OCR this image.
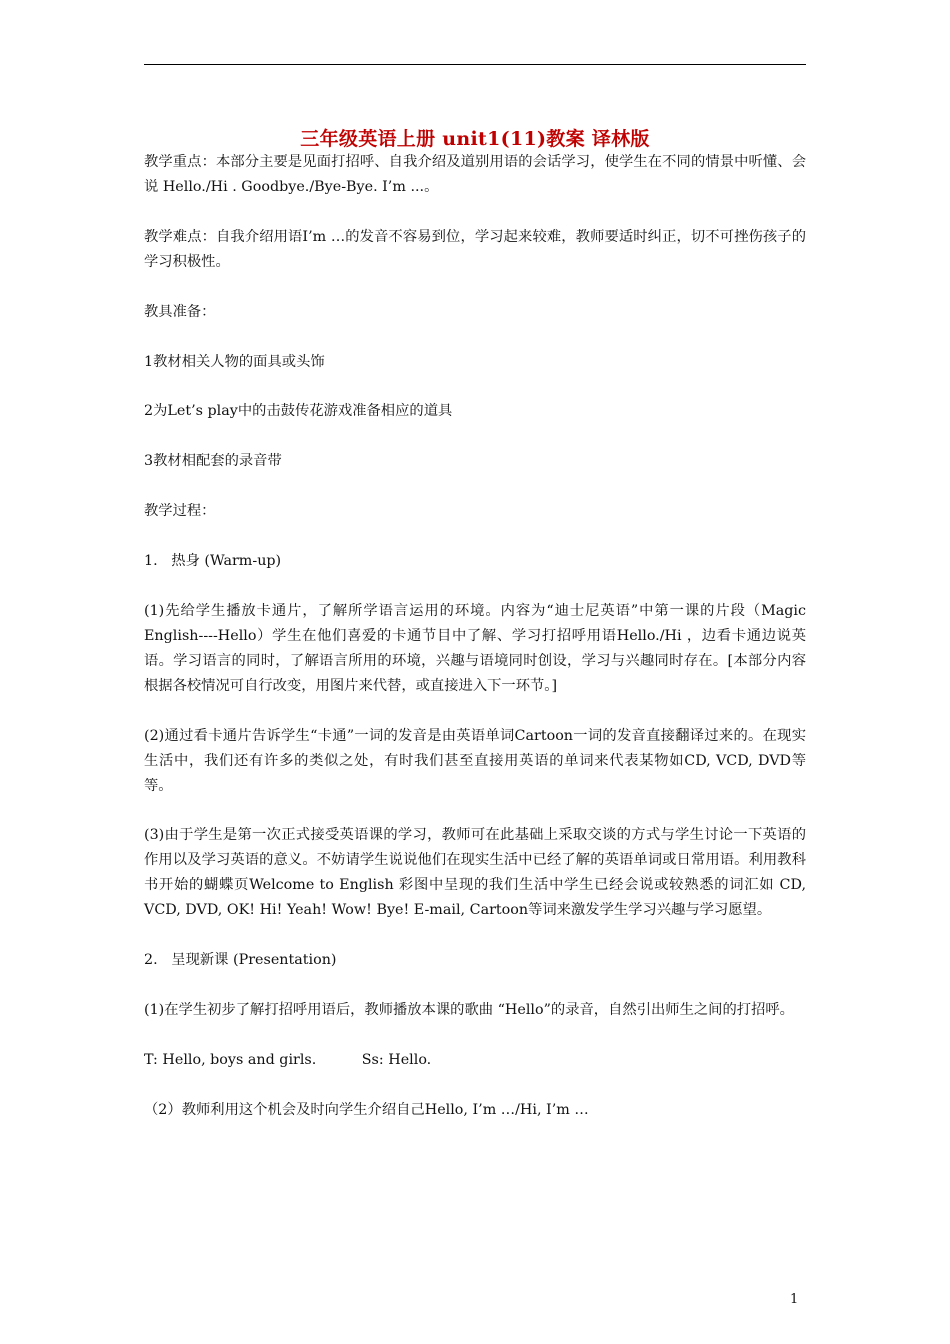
三年级英语上册 unit1(11)教案 译林版

教学重点：本部分主要是见面打招呼、自我介绍及道别用语的会话学习，使学生在不同的情景中听懂、会说 Hello./Hi . Goodbye./Bye-Bye. I’m ...。

教学难点：自我介绍用语I’m …的发音不容易到位，学习起来较难，教师要适时纠正，切不可挫伤孩子的学习积极性。

教具准备：

1教材相关人物的面具或头饰

2为Let’s play中的击鼓传花游戏准备相应的道具

3教材相配套的录音带

教学过程：

1.   热身 (Warm-up)

(1)先给学生播放卡通片，了解所学语言运用的环境。内容为“迪士尼英语”中第一课的片段（Magic English----Hello）学生在他们喜爱的卡通节目中了解、学习打招呼用语Hello./Hi ，边看卡通边说英语。学习语言的同时，了解语言所用的环境，兴趣与语境同时创设，学习与兴趣同时存在。[本部分内容根据各校情况可自行改变，用图片来代替，或直接进入下一环节。]

(2)通过看卡通片告诉学生“卡通”一词的发音是由英语单词Cartoon一词的发音直接翻译过来的。在现实生活中，我们还有许多的类似之处，有时我们甚至直接用英语的单词来代表某物如CD, VCD, DVD等等。

(3)由于学生是第一次正式接受英语课的学习，教师可在此基础上采取交谈的方式与学生讨论一下英语的作用以及学习英语的意义。不妨请学生说说他们在现实生活中已经了解的英语单词或日常用语。利用教科书开始的蝴蝶页Welcome to English 彩图中呈现的我们生活中学生已经会说或较熟悉的词汇如 CD, VCD, DVD, OK! Hi! Yeah! Wow! Bye! E-mail, Cartoon等词来激发学生学习兴趣与学习愿望。

2.   呈现新课 (Presentation)

(1)在学生初步了解打招呼用语后，教师播放本课的歌曲 “Hello”的录音，自然引出师生之间的打招呼。

T: Hello, boys and girls.          Ss: Hello.

（2）教师利用这个机会及时向学生介绍自己Hello, I’m …/Hi, I’m …

1
